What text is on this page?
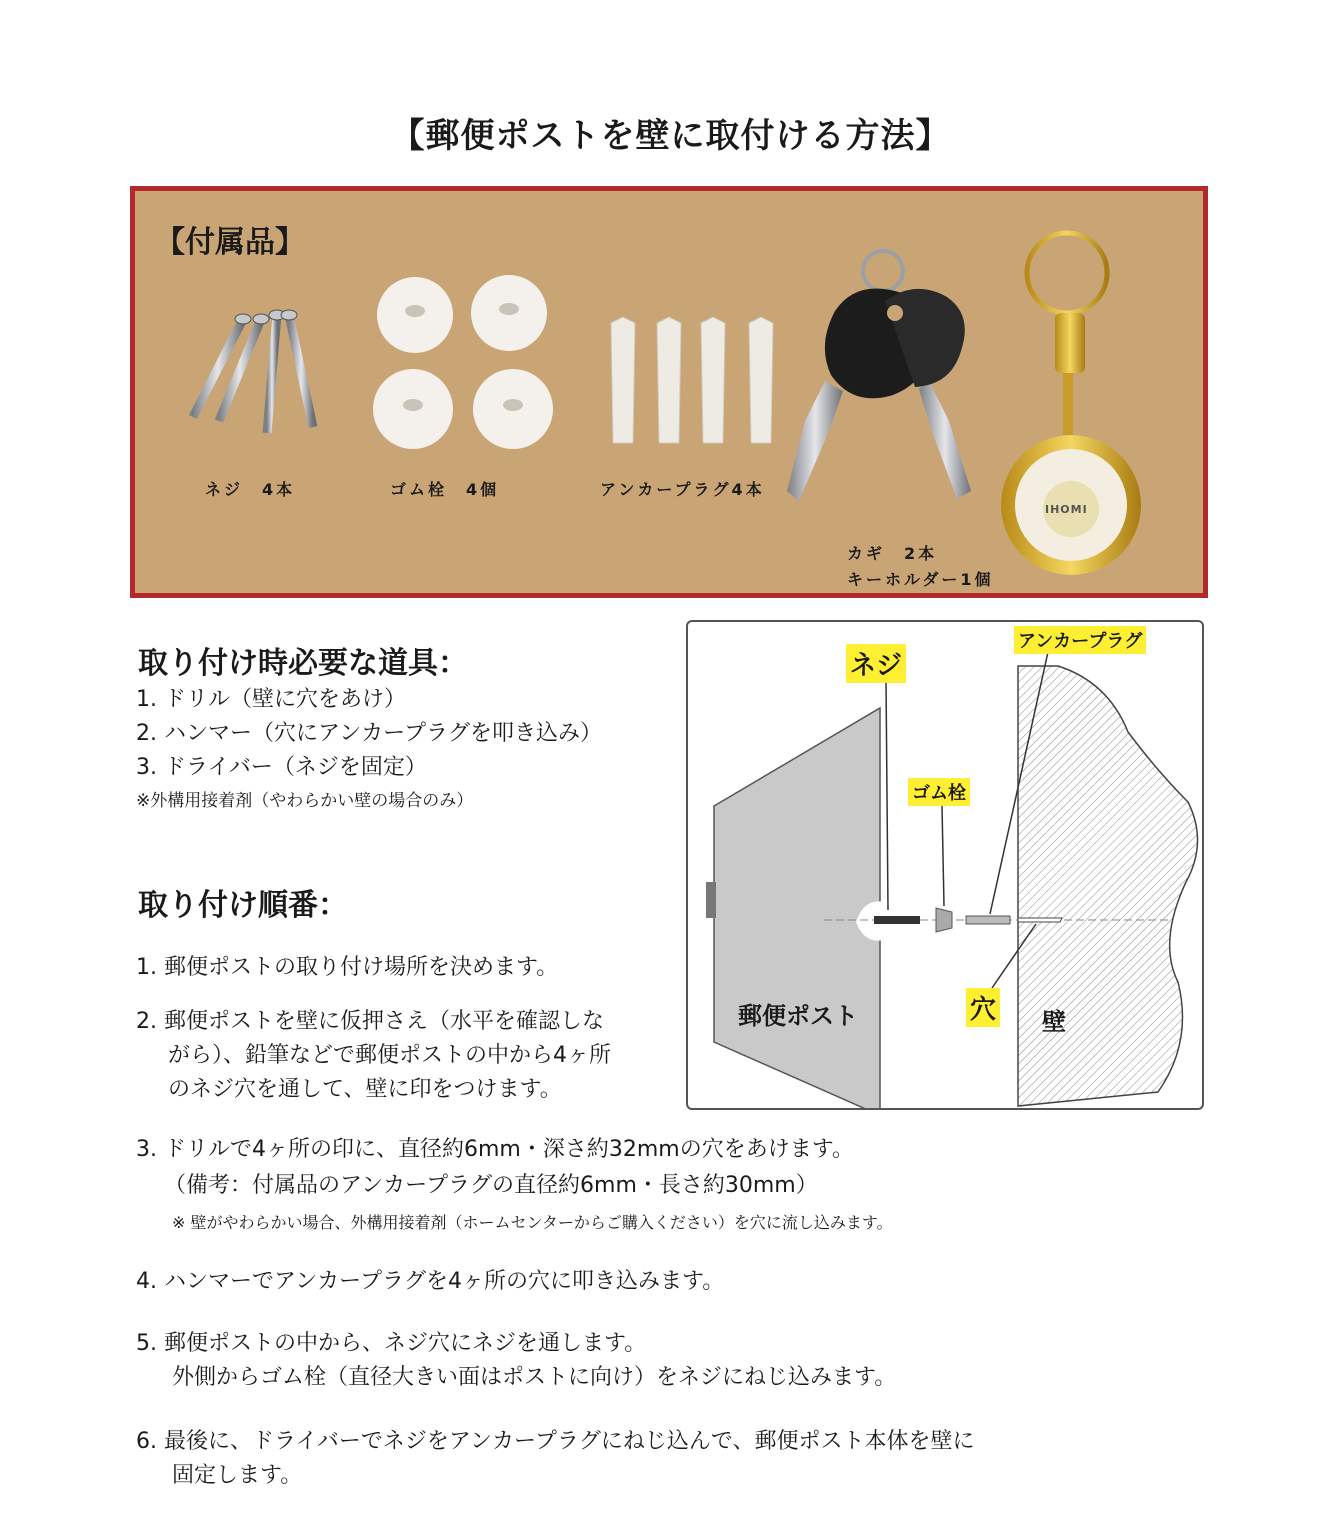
【郵便ポストを壁に取付ける方法】
【付属品】
ネジ　4本	ゴム栓　4個	アンカープラグ4本
カギ　2本
キーホルダー1個
IHOMI
取り付け時必要な道具：
1. ドリル（壁に穴をあけ）
2. ハンマー（穴にアンカープラグを叩き込み）
3. ドライバー（ネジを固定）
※外構用接着剤（やわらかい壁の場合のみ）
取り付け順番：
1. 郵便ポストの取り付け場所を決めます。
2. 郵便ポストを壁に仮押さえ（水平を確認しな
がら）、鉛筆などで郵便ポストの中から4ヶ所
のネジ穴を通して、壁に印をつけます。
3. ドリルで4ヶ所の印に、直径約6mm・深さ約32mmの穴をあけます。
（備考：付属品のアンカープラグの直径約6mm・長さ約30mm）
※ 壁がやわらかい場合、外構用接着剤（ホームセンターからご購入ください）を穴に流し込みます。
4. ハンマーでアンカープラグを4ヶ所の穴に叩き込みます。
5. 郵便ポストの中から、ネジ穴にネジを通します。
外側からゴム栓（直径大きい面はポストに向け）をネジにねじ込みます。
6. 最後に、ドライバーでネジをアンカープラグにねじ込んで、郵便ポスト本体を壁に
固定します。
ネジ
アンカープラグ
ゴム栓
穴
郵便ポスト	壁
